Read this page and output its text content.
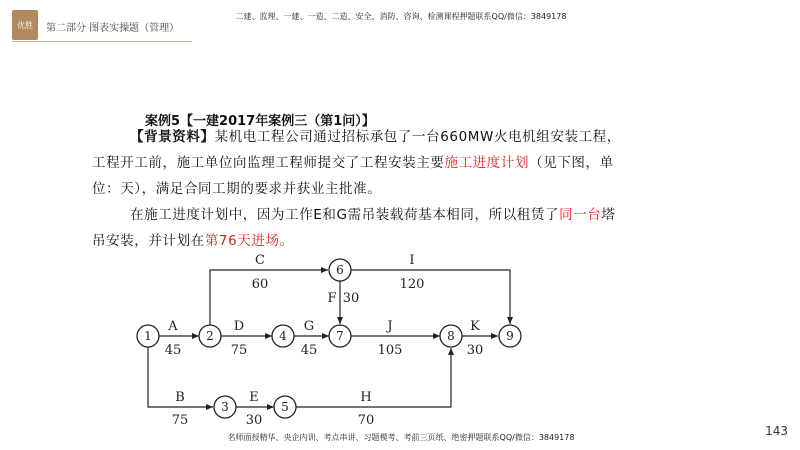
优胜	第二部分 图表实操题（管理）
二建、监理、一建、一造、二造、安全、消防、咨询、检测课程押题联系QQ/微信：3849178
案例5【一建2017年案例三（第1问）】
【背景资料】某机电工程公司通过招标承包了一台660MW火电机组安装工程，
工程开工前，施工单位向监理工程师提交了工程安装主要施工进度计划（见下图，单
位：天），满足合同工期的要求并获业主批准。
在施工进度计划中，因为工作E和G需吊装载荷基本相同，所以租赁了同一台塔
吊安装，并计划在第76天进场。
1	2
3
4
5
6
7	8	9
A
45
B
75
C
60
D
75
E
30
F 30
G
45
H
70
I
120
J
105
K
30
143
名师面授精华、央企内训、考点串讲、习题模考、考前三页纸、绝密押题联系QQ/微信：3849178
